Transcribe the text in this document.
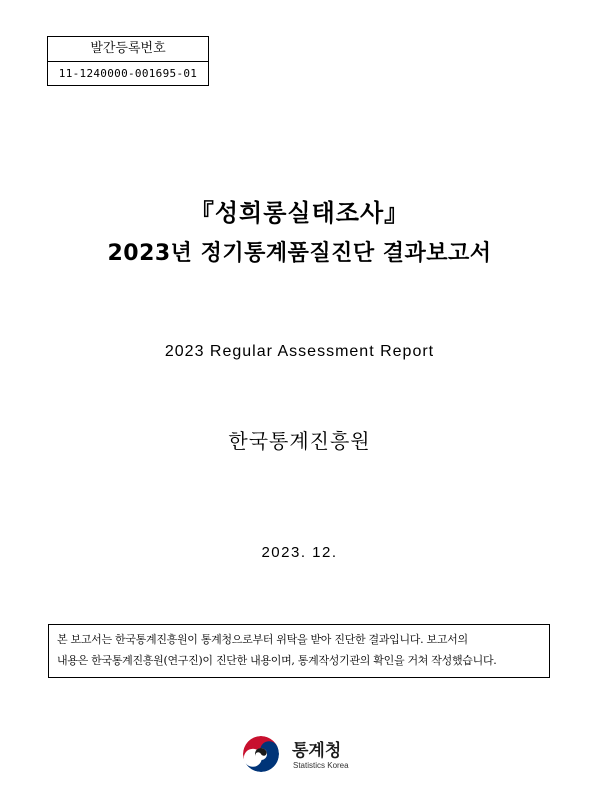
발간등록번호
11-1240000-001695-01
『성희롱실태조사』
2023년 정기통계품질진단 결과보고서
2023 Regular Assessment Report
한국통계진흥원
2023. 12.
본 보고서는 한국통계진흥원이 통계청으로부터 위탁을 받아 진단한 결과입니다. 보고서의
내용은 한국통계진흥원(연구진)이 진단한 내용이며, 통계작성기관의 확인을 거쳐 작성했습니다.
통계청
Statistics Korea
